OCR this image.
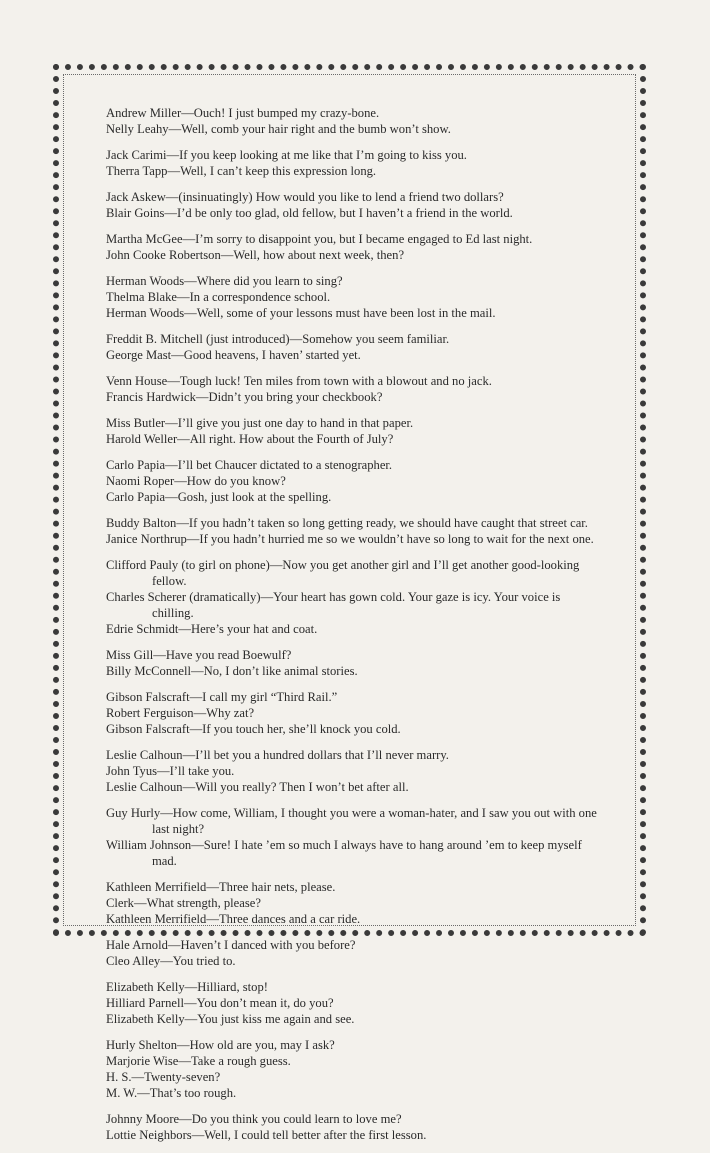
Andrew Miller—Ouch! I just bumped my crazy-bone.
Nelly Leahy—Well, comb your hair right and the bumb won’t show.
Jack Carimi—If you keep looking at me like that I’m going to kiss you.
Therra Tapp—Well, I can’t keep this expression long.
Jack Askew—(insinuatingly) How would you like to lend a friend two dollars?
Blair Goins—I’d be only too glad, old fellow, but I haven’t a friend in the world.
Martha McGee—I’m sorry to disappoint you, but I became engaged to Ed last night.
John Cooke Robertson—Well, how about next week, then?
Herman Woods—Where did you learn to sing?
Thelma Blake—In a correspondence school.
Herman Woods—Well, some of your lessons must have been lost in the mail.
Freddit B. Mitchell (just introduced)—Somehow you seem familiar.
George Mast—Good heavens, I haven’ started yet.
Venn House—Tough luck! Ten miles from town with a blowout and no jack.
Francis Hardwick—Didn’t you bring your checkbook?
Miss Butler—I’ll give you just one day to hand in that paper.
Harold Weller—All right. How about the Fourth of July?
Carlo Papia—I’ll bet Chaucer dictated to a stenographer.
Naomi Roper—How do you know?
Carlo Papia—Gosh, just look at the spelling.
Buddy Balton—If you hadn’t taken so long getting ready, we should have caught that street car.
Janice Northrup—If you hadn’t hurried me so we wouldn’t have so long to wait for the next one.
Clifford Pauly (to girl on phone)—Now you get another girl and I’ll get another good-looking fellow.
Charles Scherer (dramatically)—Your heart has gown cold. Your gaze is icy. Your voice is chilling.
Edrie Schmidt—Here’s your hat and coat.
Miss Gill—Have you read Boewulf?
Billy McConnell—No, I don’t like animal stories.
Gibson Falscraft—I call my girl “Third Rail.”
Robert Ferguison—Why zat?
Gibson Falscraft—If you touch her, she’ll knock you cold.
Leslie Calhoun—I’ll bet you a hundred dollars that I’ll never marry.
John Tyus—I’ll take you.
Leslie Calhoun—Will you really? Then I won’t bet after all.
Guy Hurly—How come, William, I thought you were a woman-hater, and I saw you out with one last night?
William Johnson—Sure! I hate ’em so much I always have to hang around ’em to keep myself mad.
Kathleen Merrifield—Three hair nets, please.
Clerk—What strength, please?
Kathleen Merrifield—Three dances and a car ride.
Hale Arnold—Haven’t I danced with you before?
Cleo Alley—You tried to.
Elizabeth Kelly—Hilliard, stop!
Hilliard Parnell—You don’t mean it, do you?
Elizabeth Kelly—You just kiss me again and see.
Hurly Shelton—How old are you, may I ask?
Marjorie Wise—Take a rough guess.
H. S.—Twenty-seven?
M. W.—That’s too rough.
Johnny Moore—Do you think you could learn to love me?
Lottie Neighbors—Well, I could tell better after the first lesson.
